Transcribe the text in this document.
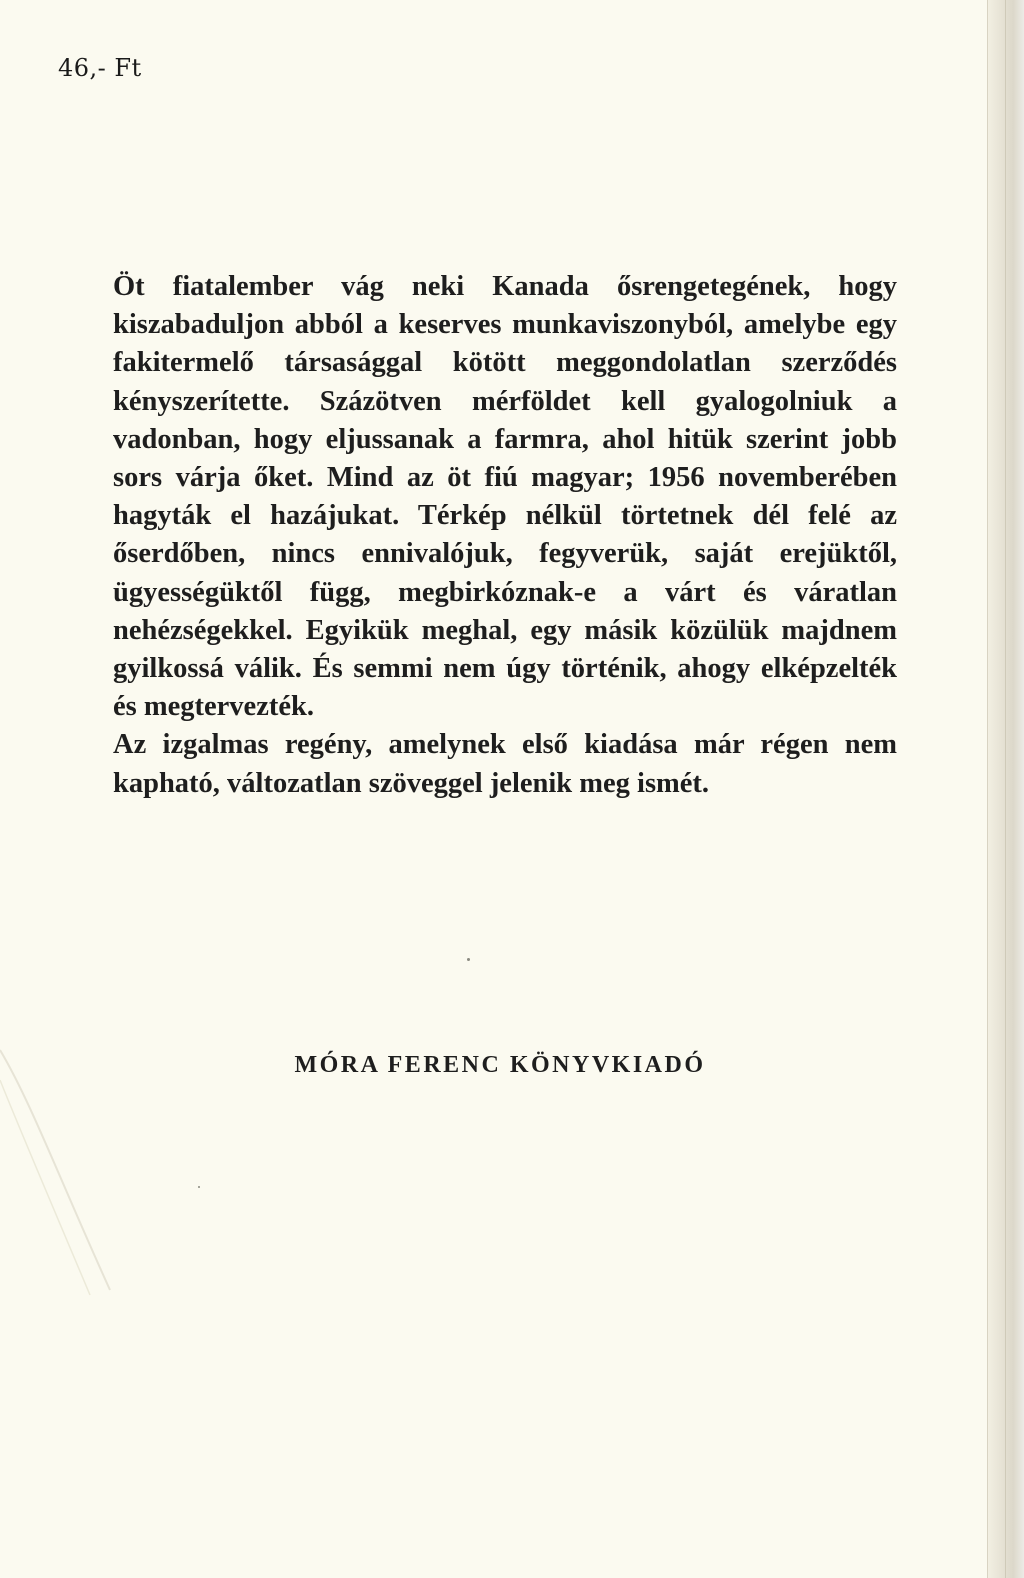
46,- Ft

Öt fiatalember vág neki Kanada ősrengetegének, hogy kiszabaduljon abból a keserves munkaviszonyból, amelybe egy fakitermelő társasággal kötött meggondolatlan szerződés kényszerítette. Százötven mérföldet kell gyalogolniuk a vadonban, hogy eljussanak a farmra, ahol hitük szerint jobb sors várja őket. Mind az öt fiú magyar; 1956 novemberében hagyták el hazájukat. Térkép nélkül törtetnek dél felé az őserdőben, nincs ennivalójuk, fegyverük, saját erejüktől, ügyességüktől függ, megbirkóznak-e a várt és váratlan nehézségekkel. Egyikük meghal, egy másik közülük majdnem gyilkossá válik. És semmi nem úgy történik, ahogy elképzelték és megtervezték.

Az izgalmas regény, amelynek első kiadása már régen nem kapható, változatlan szöveggel jelenik meg ismét.

MÓRA FERENC KÖNYVKIADÓ
